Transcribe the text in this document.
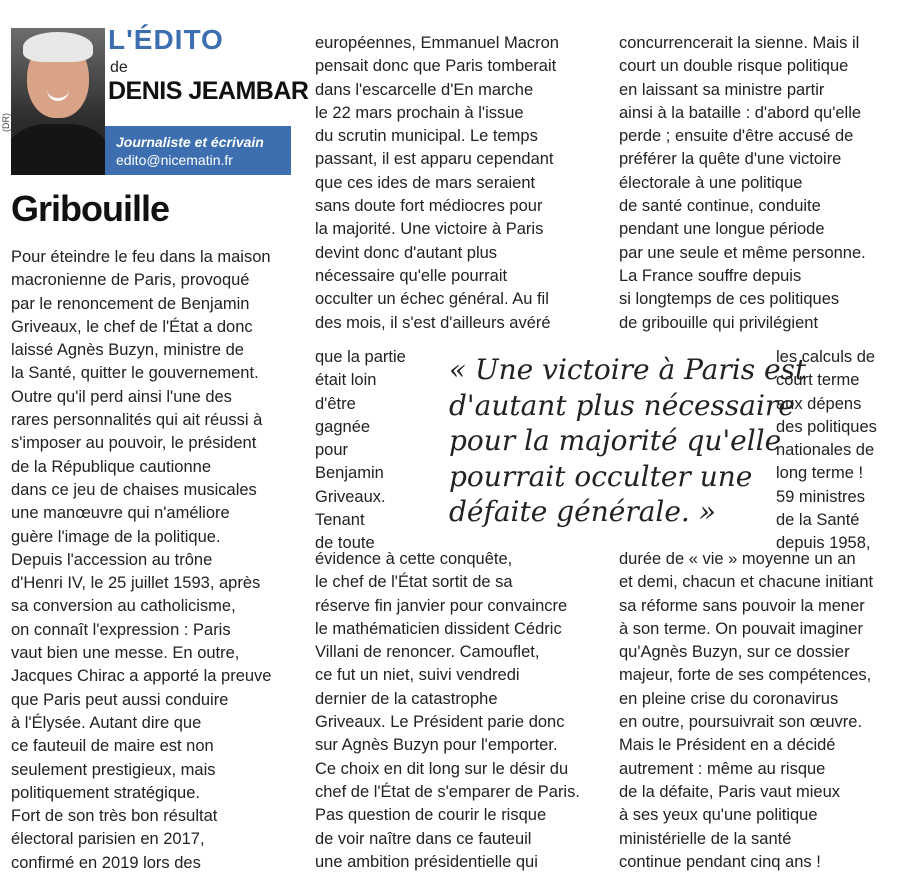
(DR)
L'ÉDITO
de
DENIS JEAMBAR
Journaliste et écrivain
edito@nicematin.fr
Gribouille
Pour éteindre le feu dans la maison
macronienne de Paris, provoqué
par le renoncement de Benjamin
Griveaux, le chef de l'État a donc
laissé Agnès Buzyn, ministre de
la Santé, quitter le gouvernement.
Outre qu'il perd ainsi l'une des
rares personnalités qui ait réussi à
s'imposer au pouvoir, le président
de la République cautionne
dans ce jeu de chaises musicales
une manœuvre qui n'améliore
guère l'image de la politique.
Depuis l'accession au trône
d'Henri IV, le 25 juillet 1593, après
sa conversion au catholicisme,
on connaît l'expression : Paris
vaut bien une messe. En outre,
Jacques Chirac a apporté la preuve
que Paris peut aussi conduire
à l'Élysée. Autant dire que
ce fauteuil de maire est non
seulement prestigieux, mais
politiquement stratégique.
Fort de son très bon résultat
électoral parisien en 2017,
confirmé en 2019 lors des
européennes, Emmanuel Macron
pensait donc que Paris tomberait
dans l'escarcelle d'En marche
le 22 mars prochain à l'issue
du scrutin municipal. Le temps
passant, il est apparu cependant
que ces ides de mars seraient
sans doute fort médiocres pour
la majorité. Une victoire à Paris
devint donc d'autant plus
nécessaire qu'elle pourrait
occulter un échec général. Au fil
des mois, il s'est d'ailleurs avéré
que la partie
était loin
d'être
gagnée
pour
Benjamin
Griveaux.
Tenant
de toute
évidence à cette conquête,
le chef de l'État sortit de sa
réserve fin janvier pour convaincre
le mathématicien dissident Cédric
Villani de renoncer. Camouflet,
ce fut un niet, suivi vendredi
dernier de la catastrophe
Griveaux. Le Président parie donc
sur Agnès Buzyn pour l'emporter.
Ce choix en dit long sur le désir du
chef de l'État de s'emparer de Paris.
Pas question de courir le risque
de voir naître dans ce fauteuil
une ambition présidentielle qui
concurrencerait la sienne. Mais il
court un double risque politique
en laissant sa ministre partir
ainsi à la bataille : d'abord qu'elle
perde ; ensuite d'être accusé de
préférer la quête d'une victoire
électorale à une politique
de santé continue, conduite
pendant une longue période
par une seule et même personne.
La France souffre depuis
si longtemps de ces politiques
de gribouille qui privilégient
les calculs de
court terme
aux dépens
des politiques
nationales de
long terme !
59 ministres
de la Santé
depuis 1958,
durée de « vie » moyenne un an
et demi, chacun et chacune initiant
sa réforme sans pouvoir la mener
à son terme. On pouvait imaginer
qu'Agnès Buzyn, sur ce dossier
majeur, forte de ses compétences,
en pleine crise du coronavirus
en outre, poursuivrait son œuvre.
Mais le Président en a décidé
autrement : même au risque
de la défaite, Paris vaut mieux
à ses yeux qu'une politique
ministérielle de la santé
continue pendant cinq ans !
« Une victoire à Paris est
d'autant plus nécessaire
pour la majorité qu'elle
pourrait occulter une
défaite générale. »
